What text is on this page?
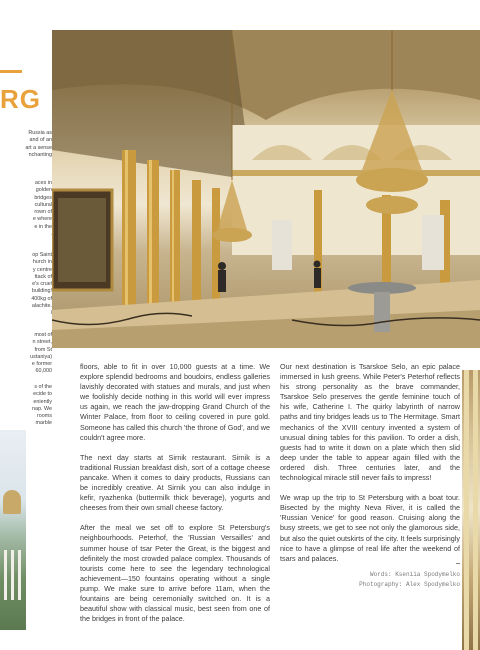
RG
Russia as
and of an
art a sense
nchanting
aces in
golden
bridges
cultural
rown of
e where
e in the
op Saint
hurch in
y centre
ttack of
e's cruel
building!
400kg of
alachite.
most of
n street,
from St
ustaniya)
e former
60,000
s of the
ecide to
eniently
nap. We
rooms
marble

floors, able to fit in over 10,000 guests at a time. We explore splendid bedrooms and boudoirs, endless galleries lavishly decorated with statues and murals, and just when we foolishly decide nothing in this world will ever impress us again, we reach the jaw-dropping Grand Church of the Winter Palace, from floor to ceiling covered in pure gold. Someone has called this church 'the throne of God', and we couldn't agree more.

The next day starts at Sirnik restaurant. Sirnik is a traditional Russian breakfast dish, sort of a cottage cheese pancake. When it comes to dairy products, Russians can be incredibly creative. At Sirnik you can also indulge in kefir, ryazhenka (buttermilk thick beverage), yogurts and cheeses from their own small cheese factory.

After the meal we set off to explore St Petersburg's neighbourhoods. Peterhof, the 'Russian Versailles' and summer house of tsar Peter the Great, is the biggest and definitely the most crowded palace complex. Thousands of tourists come here to see the legendary technological achievement—150 fountains operating without a single pump. We make sure to arrive before 11am, when the fountains are being ceremonially switched on. It is a beautiful show with classical music, best seen from one of the bridges in front of the palace.

Our next destination is Tsarskoe Selo, an epic palace immersed in lush greens. While Peter's Peterhof reflects his strong personality as the brave commander, Tsarskoe Selo preserves the gentle feminine touch of his wife, Catherine I. The quirky labyrinth of narrow paths and tiny bridges leads us to The Hermitage. Smart mechanics of the XVIII century invented a system of unusual dining tables for this pavilion. To order a dish, guests had to write it down on a plate which then slid deep under the table to appear again filled with the ordered dish. Three centuries later, and the technological miracle still never fails to impress!

We wrap up the trip to St Petersburg with a boat tour. Bisected by the mighty Neva River, it is called the 'Russian Venice' for good reason. Cruising along the busy streets, we get to see not only the glamorous side, but also the quiet outskirts of the city. It feels surprisingly nice to have a glimpse of real life after the weekend of tsars and palaces.

Words: Kseniia Spodymelko
Photography: Alex Spodymelko
